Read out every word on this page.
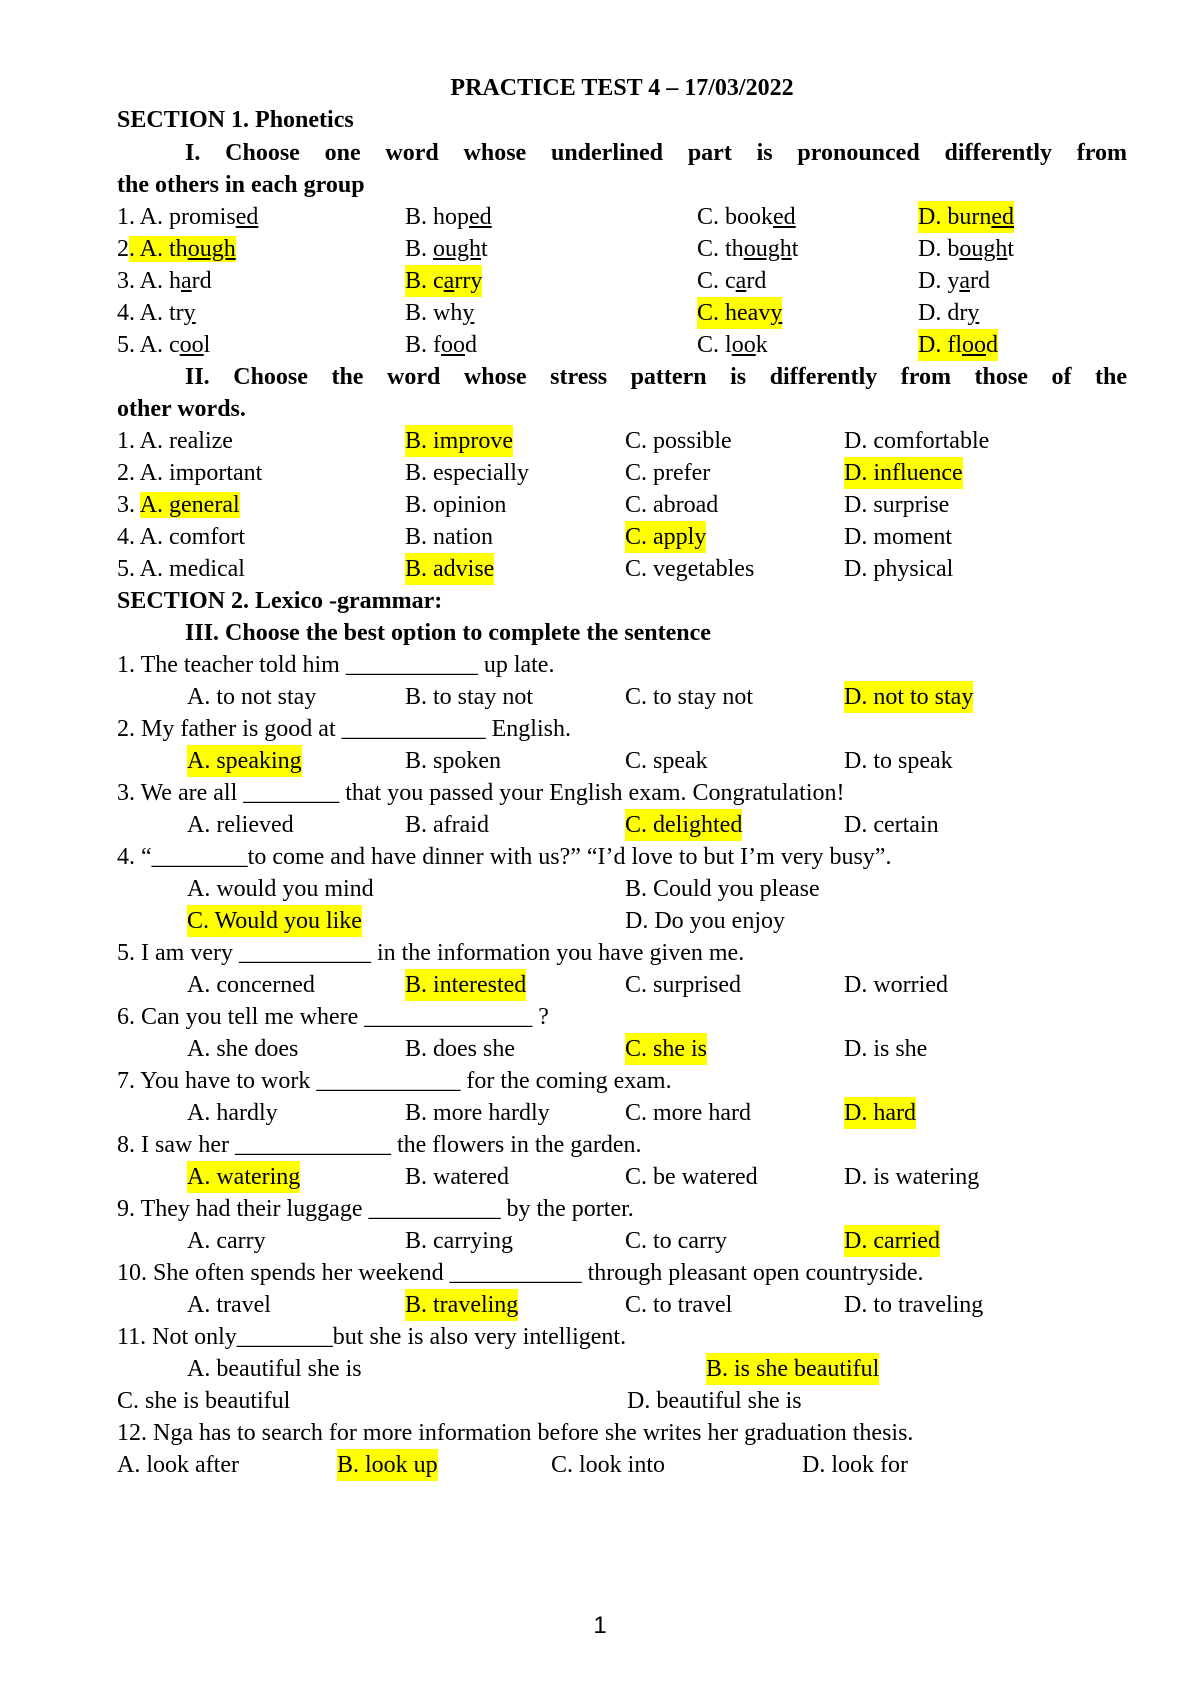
PRACTICE TEST 4 – 17/03/2022
SECTION 1. Phonetics
I. Choose one word whose underlined part is pronounced differently from
the others in each group
1. A. promised	B. hoped	C. booked	D. burned
2. A. though	B. ought	C. thought	D. bought
3. A. hard	B. carry	C. card	D. yard
4. A. try	B. why	C. heavy	D. dry
5. A. cool	B. food	C. look	D. flood
II. Choose the word whose stress pattern is differently from those of the
other words.
1. A. realize	B. improve	C. possible	D. comfortable
2. A. important	B. especially	C. prefer	D. influence
3. A. general	B. opinion	C. abroad	D. surprise
4. A. comfort	B. nation	C. apply	D. moment
5. A. medical	B. advise	C. vegetables	D. physical
SECTION 2. Lexico -grammar:
III. Choose the best option to complete the sentence
1. The teacher told him ___________ up late.
A. to not stay	B. to stay not	C. to stay not	D. not to stay
2. My father is good at ____________ English.
A. speaking	B. spoken	C. speak	D. to speak
3. We are all ________ that you passed your English exam. Congratulation!
A. relieved	B. afraid	C. delighted	D. certain
4. “________to come and have dinner with us?” “I’d love to but I’m very busy”.
A. would you mind	B. Could you please
C. Would you like	D. Do you enjoy
5. I am very ___________ in the information you have given me.
A. concerned	B. interested	C. surprised	D. worried
6. Can you tell me where ______________ ?
A. she does	B. does she	C. she is	D. is she
7. You have to work ____________ for the coming exam.
A. hardly	B. more hardly	C. more hard	D. hard
8. I saw her _____________ the flowers in the garden.
A. watering	B. watered	C. be watered	D. is watering
9. They had their luggage ___________ by the porter.
A. carry	B. carrying	C. to carry	D. carried
10. She often spends her weekend ___________ through pleasant open countryside.
A. travel	B. traveling	C. to travel	D. to traveling
11. Not only________but she is also very intelligent.
A. beautiful she is	B. is she beautiful
C. she is beautiful	D. beautiful she is
12. Nga has to search for more information before she writes her graduation thesis.
A. look after	B. look up	C. look into	D. look for
1
